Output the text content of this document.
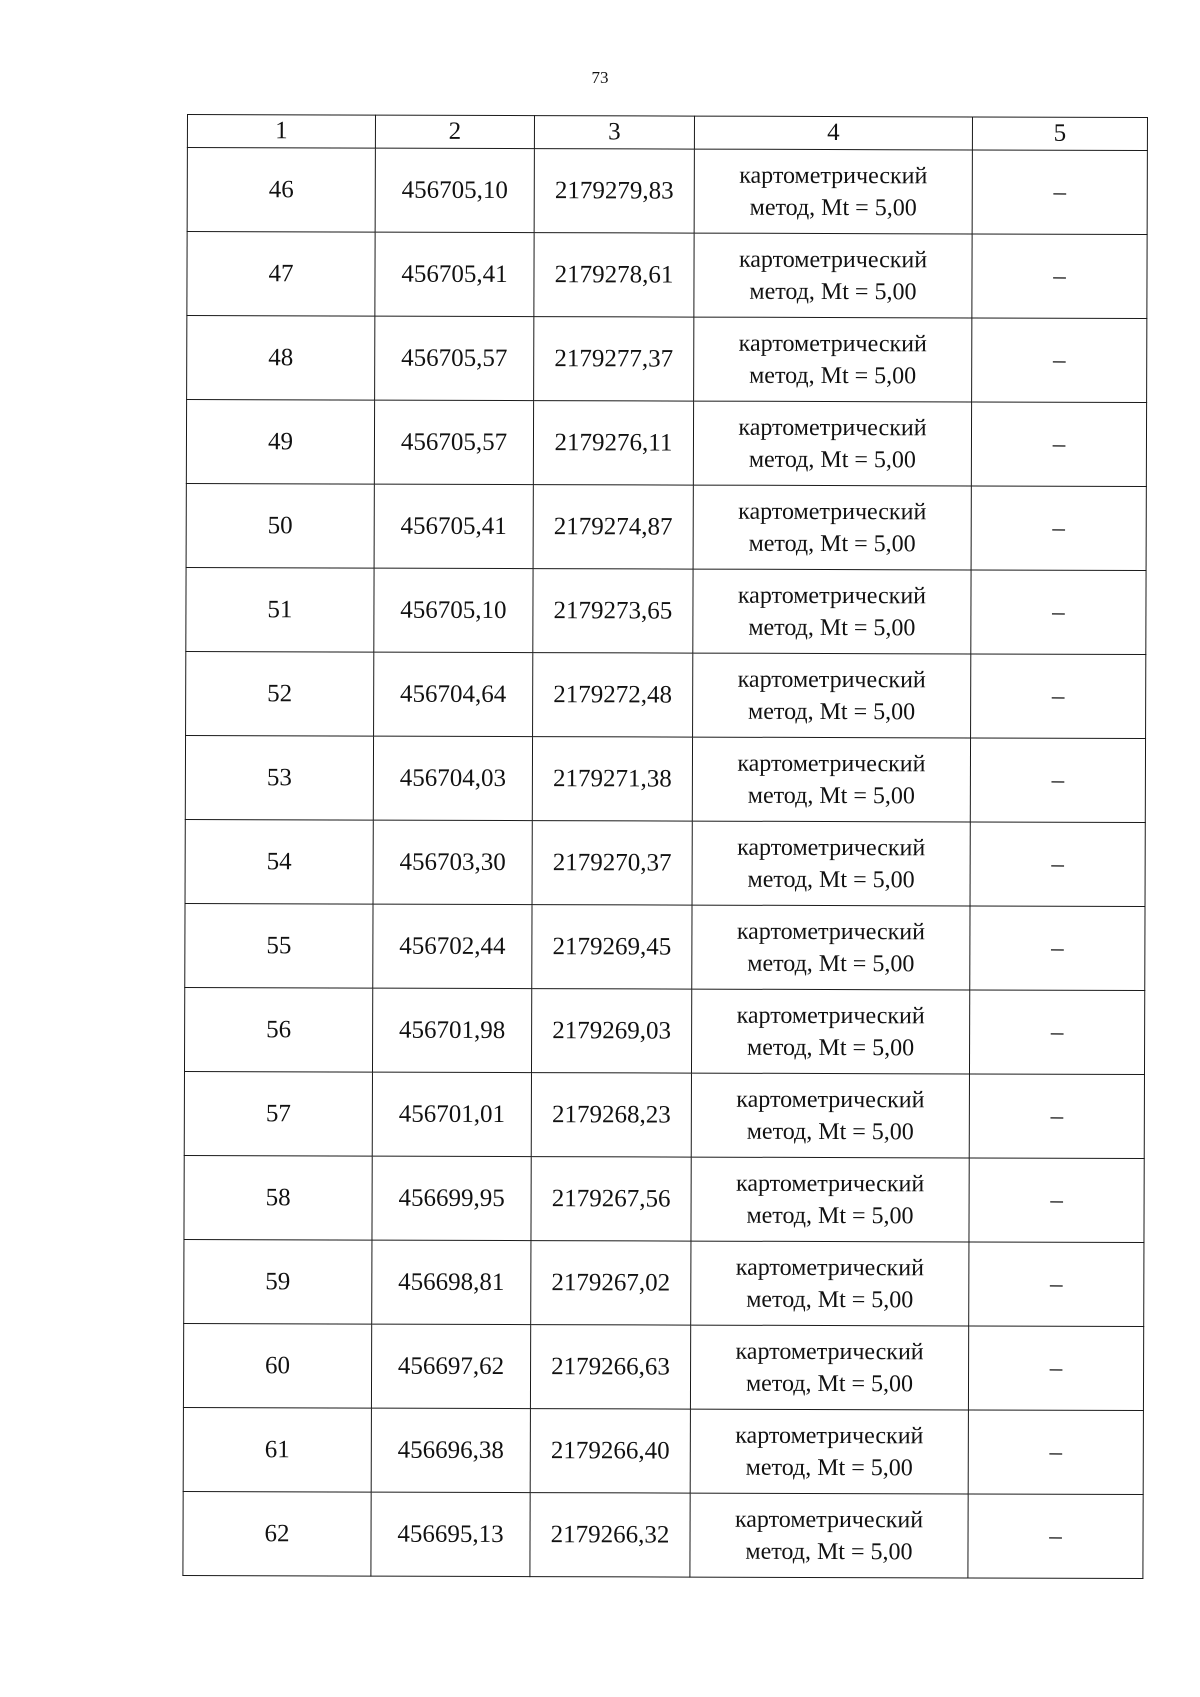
73
1	2	3	4	5
46	456705,10	2179279,83	картометрический
метод, Mt = 5,00	–
47	456705,41	2179278,61	картометрический
метод, Mt = 5,00	–
48	456705,57	2179277,37	картометрический
метод, Mt = 5,00	–
49	456705,57	2179276,11	картометрический
метод, Mt = 5,00	–
50	456705,41	2179274,87	картометрический
метод, Mt = 5,00	–
51	456705,10	2179273,65	картометрический
метод, Mt = 5,00	–
52	456704,64	2179272,48	картометрический
метод, Mt = 5,00	–
53	456704,03	2179271,38	картометрический
метод, Mt = 5,00	–
54	456703,30	2179270,37	картометрический
метод, Mt = 5,00	–
55	456702,44	2179269,45	картометрический
метод, Mt = 5,00	–
56	456701,98	2179269,03	картометрический
метод, Mt = 5,00	–
57	456701,01	2179268,23	картометрический
метод, Mt = 5,00	–
58	456699,95	2179267,56	картометрический
метод, Mt = 5,00	–
59	456698,81	2179267,02	картометрический
метод, Mt = 5,00	–
60	456697,62	2179266,63	картометрический
метод, Mt = 5,00	–
61	456696,38	2179266,40	картометрический
метод, Mt = 5,00	–
62	456695,13	2179266,32	картометрический
метод, Mt = 5,00	–
